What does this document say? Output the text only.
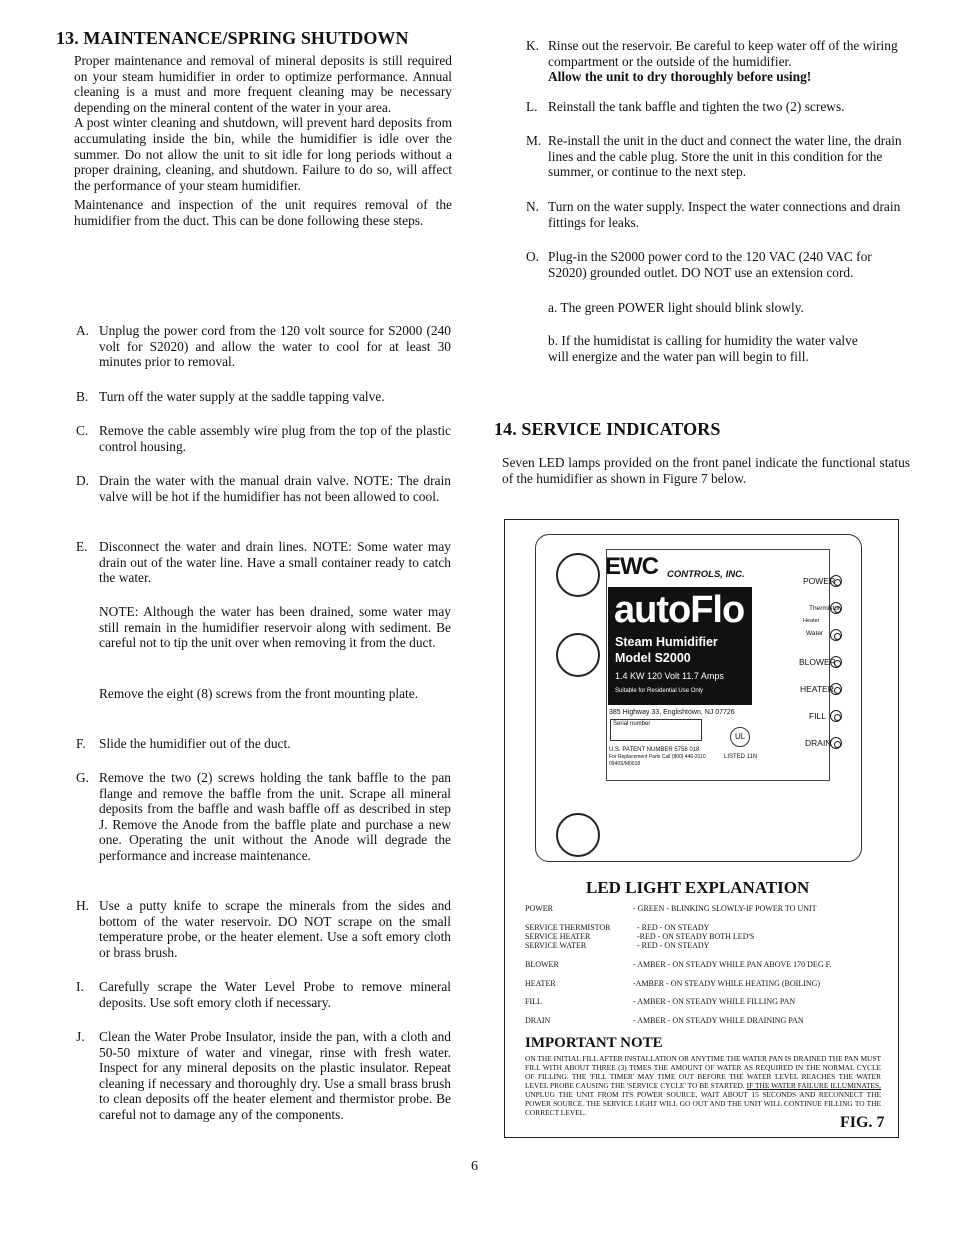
13. MAINTENANCE/SPRING SHUTDOWN

Proper maintenance and removal of mineral deposits is still required on your steam humidifier in order to optimize performance. Annual cleaning is a must and more frequent cleaning may be necessary depending on the mineral content of the water in your area.

A post winter cleaning and shutdown, will prevent hard deposits from accumulating inside the bin, while the humidifier is idle over the summer. Do not allow the unit to sit idle for long periods without a proper draining, cleaning, and shutdown. Failure to do so, will affect the performance of your steam humidifier.

Maintenance and inspection of the unit requires removal of the humidifier from the duct. This can be done following these steps.

A. Unplug the power cord from the 120 volt source for S2000 (240 volt for S2020) and allow the water to cool for at least 30 minutes prior to removal.
B. Turn off the water supply at the saddle tapping valve.
C. Remove the cable assembly wire plug from the top of the plastic control housing.
D. Drain the water with the manual drain valve. NOTE: The drain valve will be hot if the humidifier has not been allowed to cool.
E. Disconnect the water and drain lines. NOTE: Some water may drain out of the water line. Have a small container ready to catch the water.
NOTE: Although the water has been drained, some water may still remain in the humidifier reservoir along with sediment. Be careful not to tip the unit over when removing it from the duct.
Remove the eight (8) screws from the front mounting plate.
F. Slide the humidifier out of the duct.
G. Remove the two (2) screws holding the tank baffle to the pan flange and remove the baffle from the unit. Scrape all mineral deposits from the baffle and wash baffle off as described in step J. Remove the Anode from the baffle plate and purchase a new one. Operating the unit without the Anode will degrade the performance and increase maintenance.
H. Use a putty knife to scrape the minerals from the sides and bottom of the water reservoir. DO NOT scrape on the small temperature probe, or the heater element. Use a soft emory cloth or brass brush.
I. Carefully scrape the Water Level Probe to remove mineral deposits. Use soft emory cloth if necessary.
J. Clean the Water Probe Insulator, inside the pan, with a cloth and 50-50 mixture of water and vinegar, rinse with fresh water. Inspect for any mineral deposits on the plastic insulator. Repeat cleaning if necessary and thoroughly dry. Use a small brass brush to clean deposits off the heater element and thermistor probe. Be careful not to damage any of the components.
K. Rinse out the reservoir. Be careful to keep water off of the wiring compartment or the outside of the humidifier.
Allow the unit to dry thoroughly before using!
L. Reinstall the tank baffle and tighten the two (2) screws.
M. Re-install the unit in the duct and connect the water line, the drain lines and the cable plug. Store the unit in this condition for the summer, or continue to the next step.
N. Turn on the water supply. Inspect the water connections and drain fittings for leaks.
O. Plug-in the S2000 power cord to the 120 VAC (240 VAC for S2020) grounded outlet. DO NOT use an extension cord.
a. The green POWER light should blink slowly.
b. If the humidistat is calling for humidity the water valve will energize and the water pan will begin to fill.
14. SERVICE INDICATORS

Seven LED lamps provided on the front panel indicate the functional status of the humidifier as shown in Figure 7 below.

EWC CONTROLS, INC.
autoFlo
Steam Humidifier
Model S2000
1.4 KW 120 Volt 11.7 Amps
Suitable for Residential Use Only
385 Highway 33, Englishtown, NJ 07726
Serial number
U.S. PATENT NUMBER 5758 018
For Replacement Parts Call (800) 446-3110
0940S/M0018
UL
LISTED 11N
POWER
Thermistor
Heater
Water
BLOWER
HEATER
FILL
DRAIN
LED LIGHT EXPLANATION
POWER	- GREEN - BLINKING SLOWLY-IF POWER TO UNIT
SERVICE THERMISTOR	- RED - ON STEADY
SERVICE HEATER	-RED - ON STEADY BOTH LED'S
SERVICE WATER	- RED - ON STEADY
BLOWER	- AMBER - ON STEADY WHILE PAN ABOVE 170 DEG F.
HEATER	-AMBER - ON STEADY WHILE HEATING (BOILING)
FILL	- AMBER - ON STEADY WHILE FILLING PAN
DRAIN	- AMBER - ON STEADY WHILE DRAINING PAN
IMPORTANT NOTE
ON THE INITIAL FILL AFTER INSTALLATION OR ANYTIME THE WATER PAN IS DRAINED THE PAN MUST FILL WITH ABOUT THREE (3) TIMES THE AMOUNT OF WATER AS REQUIRED IN THE NORMAL CYCLE OF FILLING. THE 'FILL TIMER' MAY TIME OUT BEFORE THE WATER LEVEL REACHES THE WATER LEVEL PROBE CAUSING THE 'SERVICE CYCLE' TO BE STARTED. IF THE WATER FAILURE ILLUMINATES, UNPLUG THE UNIT FROM ITS POWER SOURCE, WAIT ABOUT 15 SECONDS AND RECONNECT THE POWER SOURCE. THE SERVICE LIGHT WILL GO OUT AND THE UNIT WILL CONTINUE FILLING TO THE CORRECT LEVEL.
FIG. 7
6
